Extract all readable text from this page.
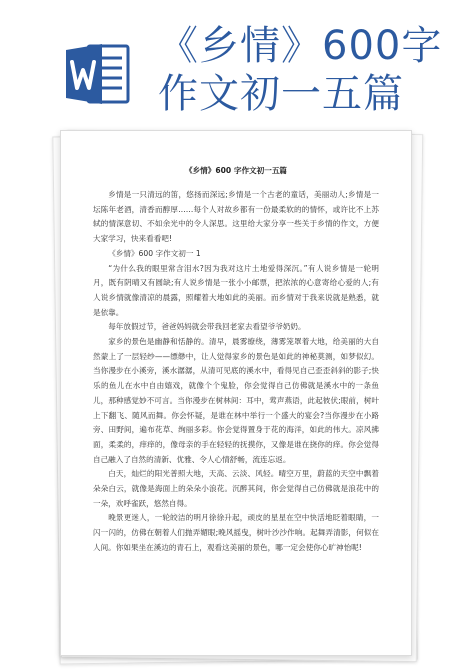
《乡情》600字
作文初一五篇
《乡情》600 字作文初一五篇

乡情是一只清远的笛，悠扬而深远;乡情是一个古老的童话，美丽动人;乡情是一坛陈年老酒，清香而醇厚……每个人对故乡都有一份最柔软的的情怀，或许比不上苏轼的情深意切、不如余光中的令人深思。这里给大家分享一些关于乡情的作文，方便大家学习，快来看看吧!

《乡情》600 字作文初一 1

“为什么我的眼里常含泪水?因为我对这片土地爱得深沉。”有人说乡情是一轮明月，既有阴晴又有圆缺;有人说乡情是一张小小邮票，把浓浓的心意寄给心爱的人;有人说乡情就像清凉的晨露，照耀着大地如此的美丽。而乡情对于我来说就是熟悉，就是依靠。

每年放假过节，爸爸妈妈就会带我回老家去看望爷爷奶奶。

家乡的景色是幽静和恬静的。清早，晨雾缭绕，薄雾笼罩着大地，给美丽的大自然蒙上了一层轻纱——缥缈中，让人觉得家乡的景色是如此的神秘莫测，如梦似幻。当你漫步在小溪旁，溪水潺潺，从清可见底的溪水中，看得见自己歪歪斜斜的影子;快乐的鱼儿在水中自由嬉戏，就像个个鬼脸，你会觉得自己仿佛就是溪水中的一条鱼儿，那种感觉妙不可言。当你漫步在树林间：耳中，莺声燕语，此起彼伏;眼前，树叶上下翻飞、随风而舞。你会怀疑，是谁在林中举行一个盛大的宴会?当你漫步在小路旁、田野间，遍布花草、绚丽多彩。你会觉得置身于花的海洋，如此的伟大。凉风拂面，柔柔的，痒痒的，像母亲的手在轻轻的抚摸你，又像是谁在挠你的痒。你会觉得自己融入了自然的清新、优雅、令人心情舒畅，流连忘返。

白天，灿烂的阳光普照大地，天高、云淡、风轻。晴空万里，蔚蓝的天空中飘着朵朵白云，就像是海面上的朵朵小浪花。沉醉其间，你会觉得自己仿佛就是浪花中的一朵，欢呼雀跃，悠然自得。

晚景更迷人，一轮皎洁的明月徐徐升起，顽皮的星星在空中快活地眨着眼睛，一闪一闪的，仿佛在朝着人们抛弄媚眼;晚风摇曳，树叶沙沙作响。起舞弄清影，何似在人间。你如果坐在溪边的青石上，观看这美丽的景色，哪一定会使你心旷神怡呢!
